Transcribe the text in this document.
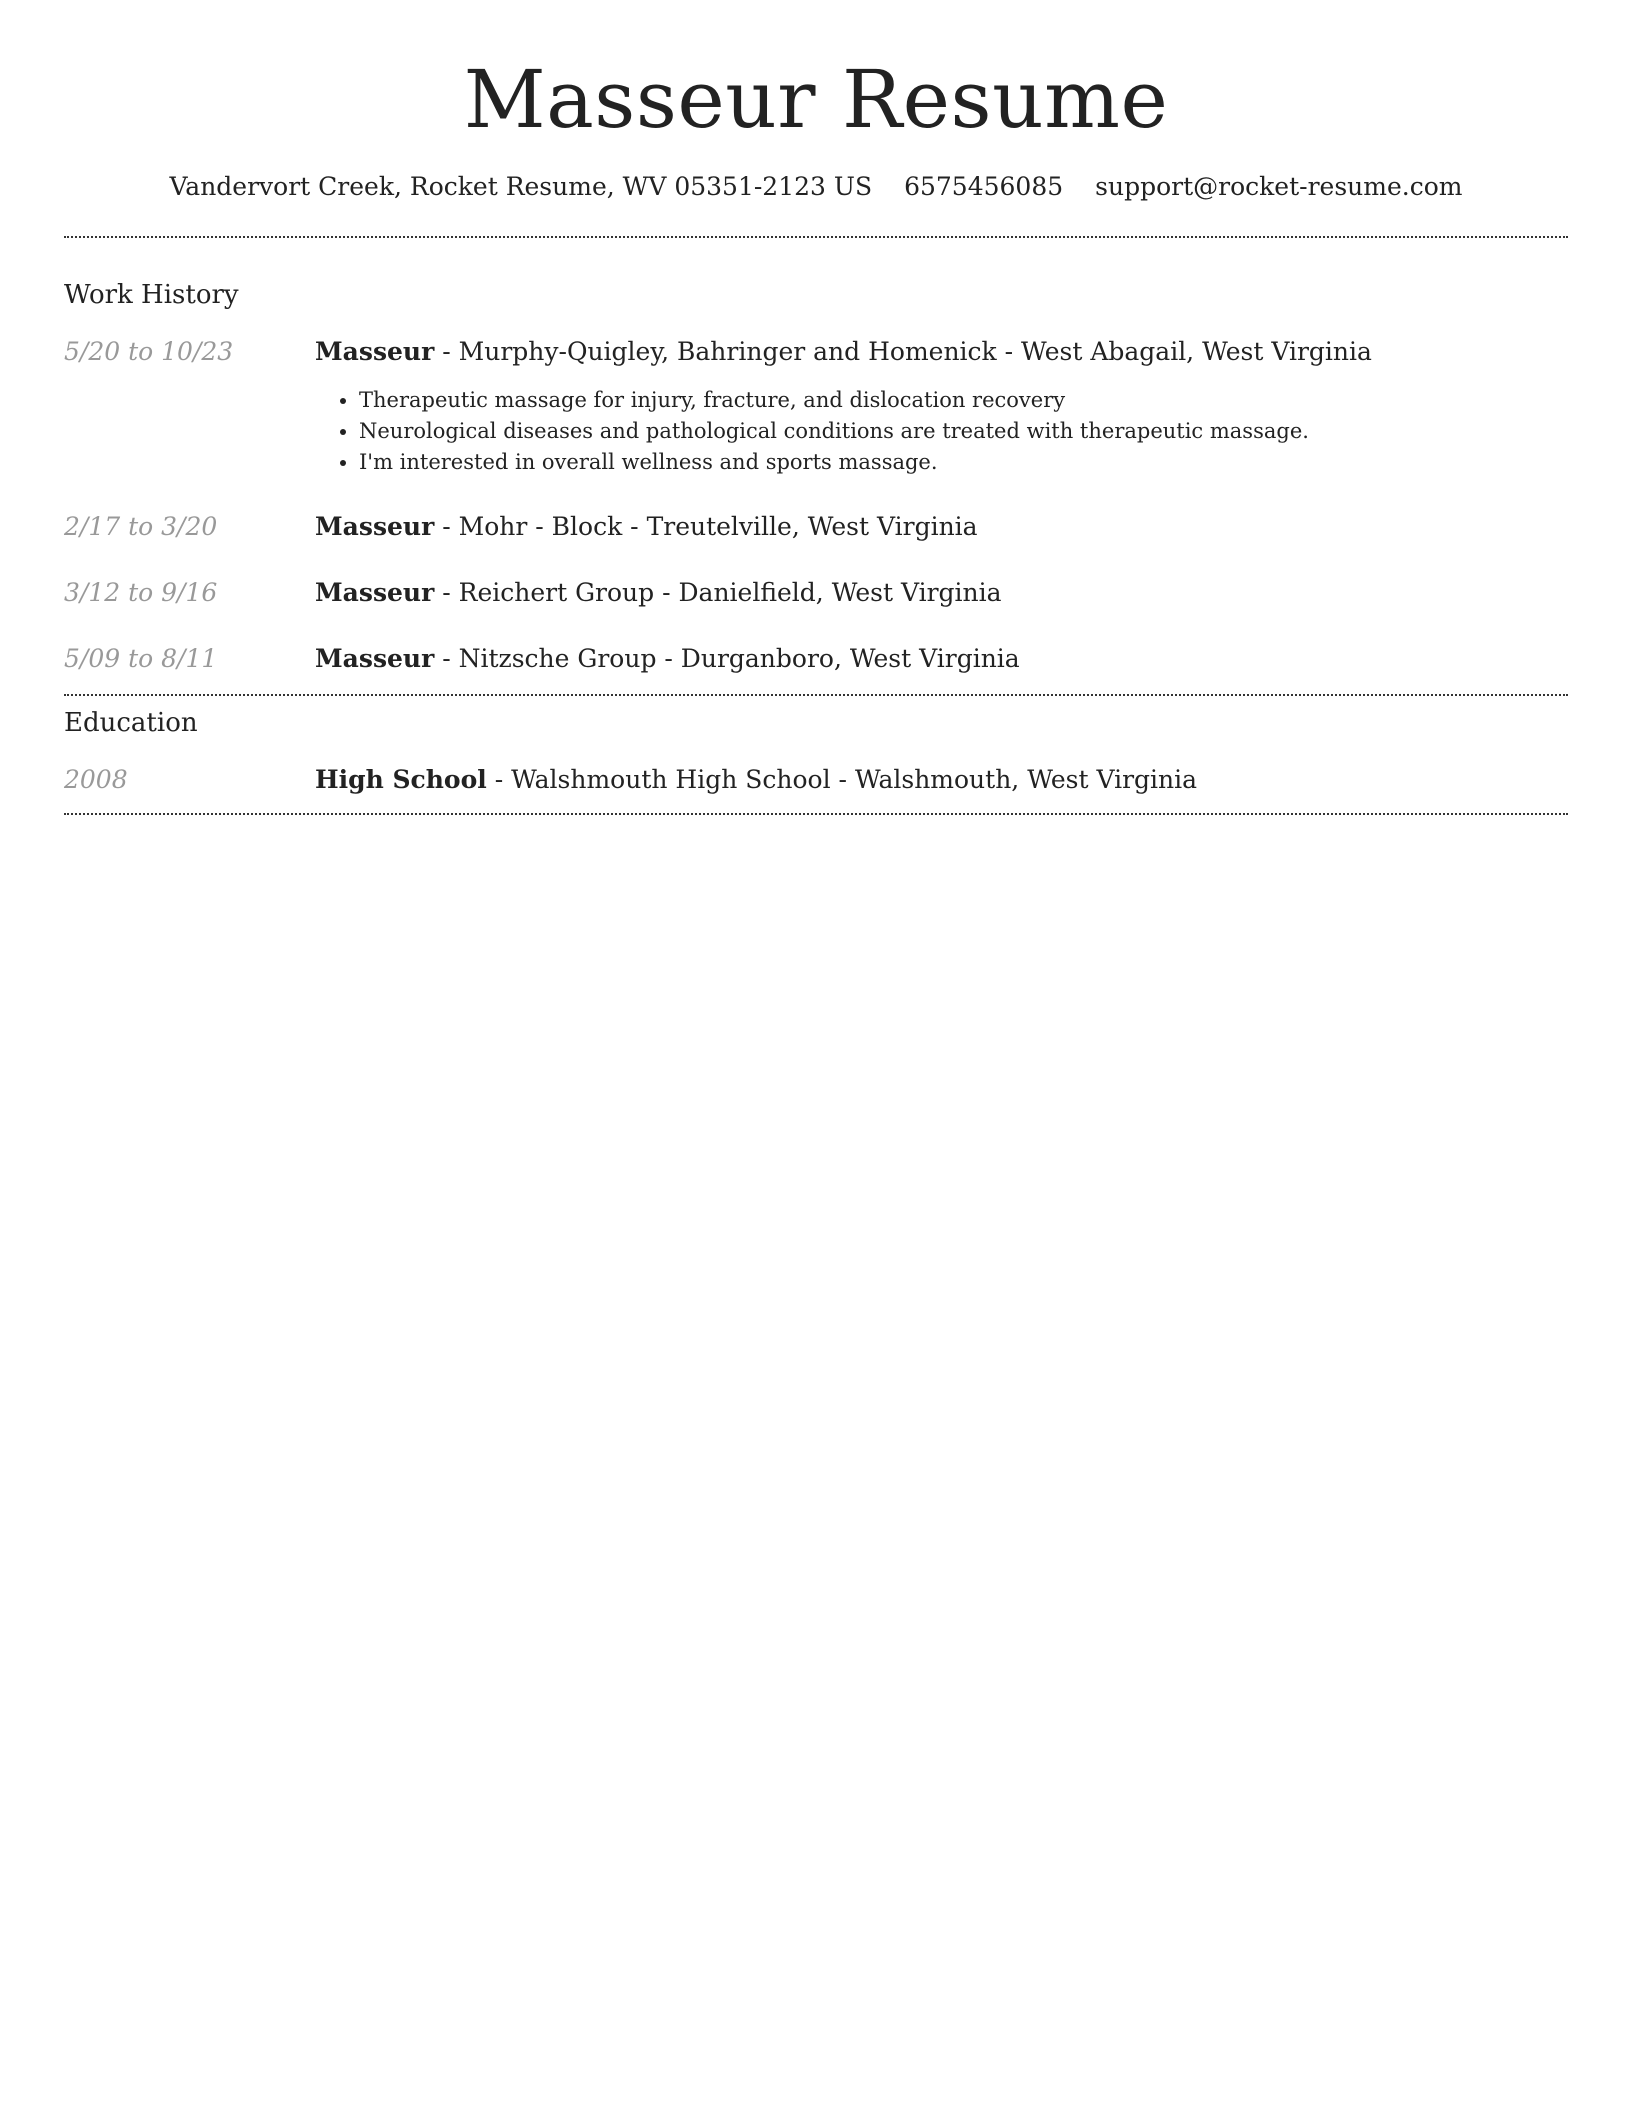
Masseur Resume
Vandervort Creek, Rocket Resume, WV 05351-2123 US 6575456085 support@rocket-resume.com
Work History
5/20 to 10/23	Masseur - Murphy-Quigley, Bahringer and Homenick - West Abagail, West Virginia
• Therapeutic massage for injury, fracture, and dislocation recovery
• Neurological diseases and pathological conditions are treated with therapeutic massage.
• I'm interested in overall wellness and sports massage.
2/17 to 3/20	Masseur - Mohr - Block - Treutelville, West Virginia
3/12 to 9/16	Masseur - Reichert Group - Danielfield, West Virginia
5/09 to 8/11	Masseur - Nitzsche Group - Durganboro, West Virginia
Education
2008	High School - Walshmouth High School - Walshmouth, West Virginia
